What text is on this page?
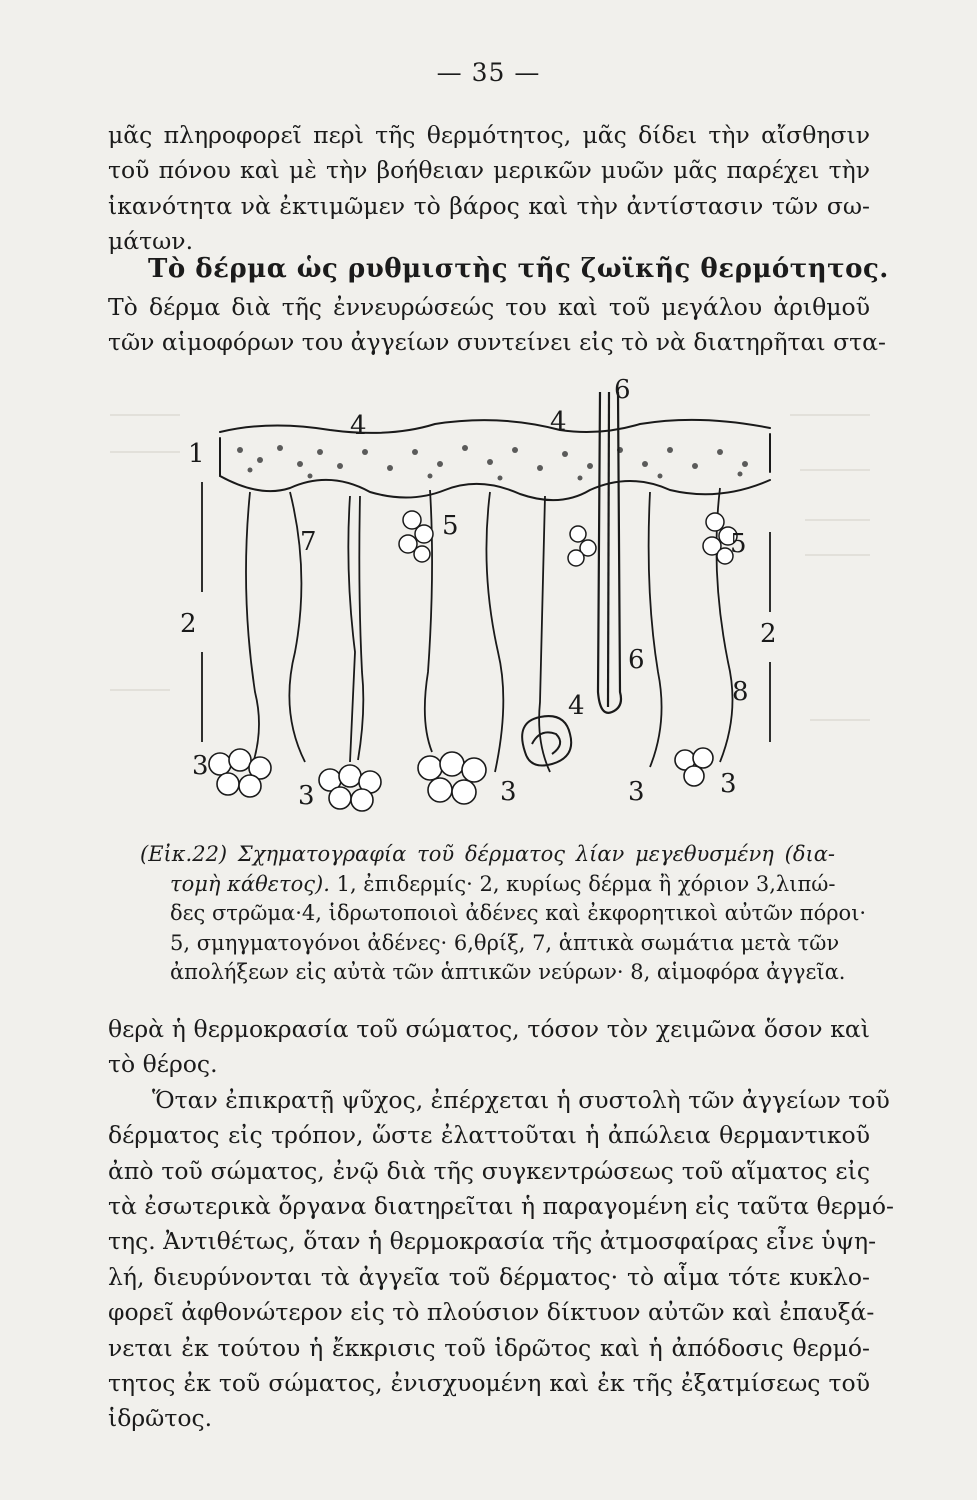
— 35 —
μᾶς πληροφορεῖ περὶ τῆς θερμότητος, μᾶς δίδει τὴν αἴσθησιν
τοῦ πόνου καὶ μὲ τὴν βοήθειαν μερικῶν μυῶν μᾶς παρέχει τὴν
ἱκανότητα νὰ ἐκτιμῶμεν τὸ βάρος καὶ τὴν ἀντίστασιν τῶν σω-
μάτων.
Τὸ δέρμα ὡς ρυθμιστὴς τῆς ζωϊκῆς θερμότητος.
Τὸ δέρμα διὰ τῆς ἐννευρώσεώς του καὶ τοῦ μεγάλου ἀριθμοῦ
τῶν αἱμοφόρων του ἀγγείων συντείνει εἰς τὸ νὰ διατηρῆται στα-
1
2	2
3
3	3	3	3
4	4
4
5
5
6
6
7
8
(Εἰκ.22) Σχηματογραφία τοῦ δέρματος λίαν μεγεθυσμένη (δια-
τομὴ κάθετος). 1, ἐπιδερμίς· 2, κυρίως δέρμα ἢ χόριον 3,λιπώ-
δες στρῶμα·4, ἱδρωτοποιοὶ ἀδένες καὶ ἐκφορητικοὶ αὐτῶν πόροι·
5, σμηγματογόνοι ἀδένες· 6,θρίξ, 7, ἁπτικὰ σωμάτια μετὰ τῶν
ἀπολήξεων εἰς αὐτὰ τῶν ἁπτικῶν νεύρων· 8, αἱμοφόρα ἀγγεῖα.
θερὰ ἡ θερμοκρασία τοῦ σώματος, τόσον τὸν χειμῶνα ὅσον καὶ
τὸ θέρος.
Ὅταν ἐπικρατῇ ψῦχος, ἐπέρχεται ἡ συστολὴ τῶν ἀγγείων τοῦ
δέρματος εἰς τρόπον, ὥστε ἐλαττοῦται ἡ ἀπώλεια θερμαντικοῦ
ἀπὸ τοῦ σώματος, ἐνῷ διὰ τῆς συγκεντρώσεως τοῦ αἵματος εἰς
τὰ ἐσωτερικὰ ὄργανα διατηρεῖται ἡ παραγομένη εἰς ταῦτα θερμό-
της. Ἀντιθέτως, ὅταν ἡ θερμοκρασία τῆς ἀτμοσφαίρας εἶνε ὑψη-
λή, διευρύνονται τὰ ἀγγεῖα τοῦ δέρματος· τὸ αἷμα τότε κυκλο-
φορεῖ ἀφθονώτερον εἰς τὸ πλούσιον δίκτυον αὐτῶν καὶ ἐπαυξά-
νεται ἐκ τούτου ἡ ἔκκρισις τοῦ ἱδρῶτος καὶ ἡ ἀπόδοσις θερμό-
τητος ἐκ τοῦ σώματος, ἐνισχυομένη καὶ ἐκ τῆς ἐξατμίσεως τοῦ
ἱδρῶτος.
